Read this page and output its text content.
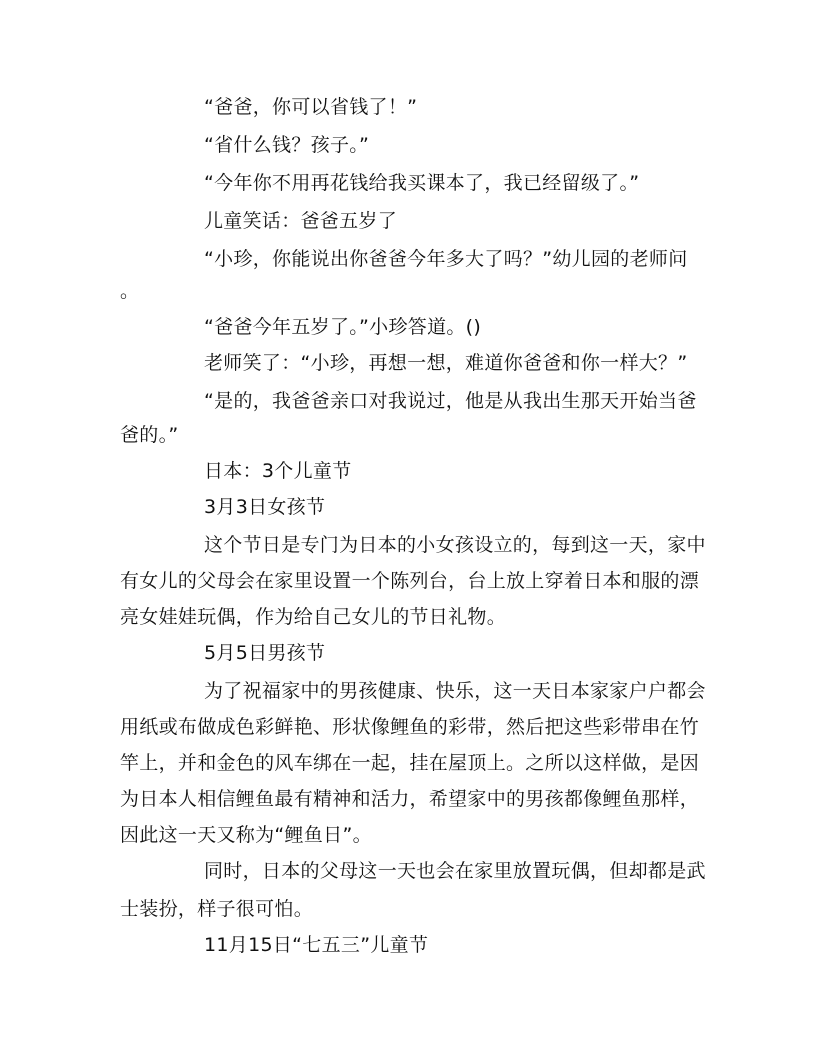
“爸爸，你可以省钱了！”
“省什么钱？孩子。”
“今年你不用再花钱给我买课本了，我已经留级了。”
儿童笑话：爸爸五岁了
“小珍，你能说出你爸爸今年多大了吗？”幼儿园的老师问
。
“爸爸今年五岁了。”小珍答道。()
老师笑了：“小珍，再想一想，难道你爸爸和你一样大？”
“是的，我爸爸亲口对我说过，他是从我出生那天开始当爸
爸的。”
日本：3个儿童节
3月3日女孩节
这个节日是专门为日本的小女孩设立的，每到这一天，家中
有女儿的父母会在家里设置一个陈列台，台上放上穿着日本和服的漂
亮女娃娃玩偶，作为给自己女儿的节日礼物。
5月5日男孩节
为了祝福家中的男孩健康、快乐，这一天日本家家户户都会
用纸或布做成色彩鲜艳、形状像鲤鱼的彩带，然后把这些彩带串在竹
竿上，并和金色的风车绑在一起，挂在屋顶上。之所以这样做，是因
为日本人相信鲤鱼最有精神和活力，希望家中的男孩都像鲤鱼那样，
因此这一天又称为“鲤鱼日”。
同时，日本的父母这一天也会在家里放置玩偶，但却都是武
士装扮，样子很可怕。
11月15日“七五三”儿童节
